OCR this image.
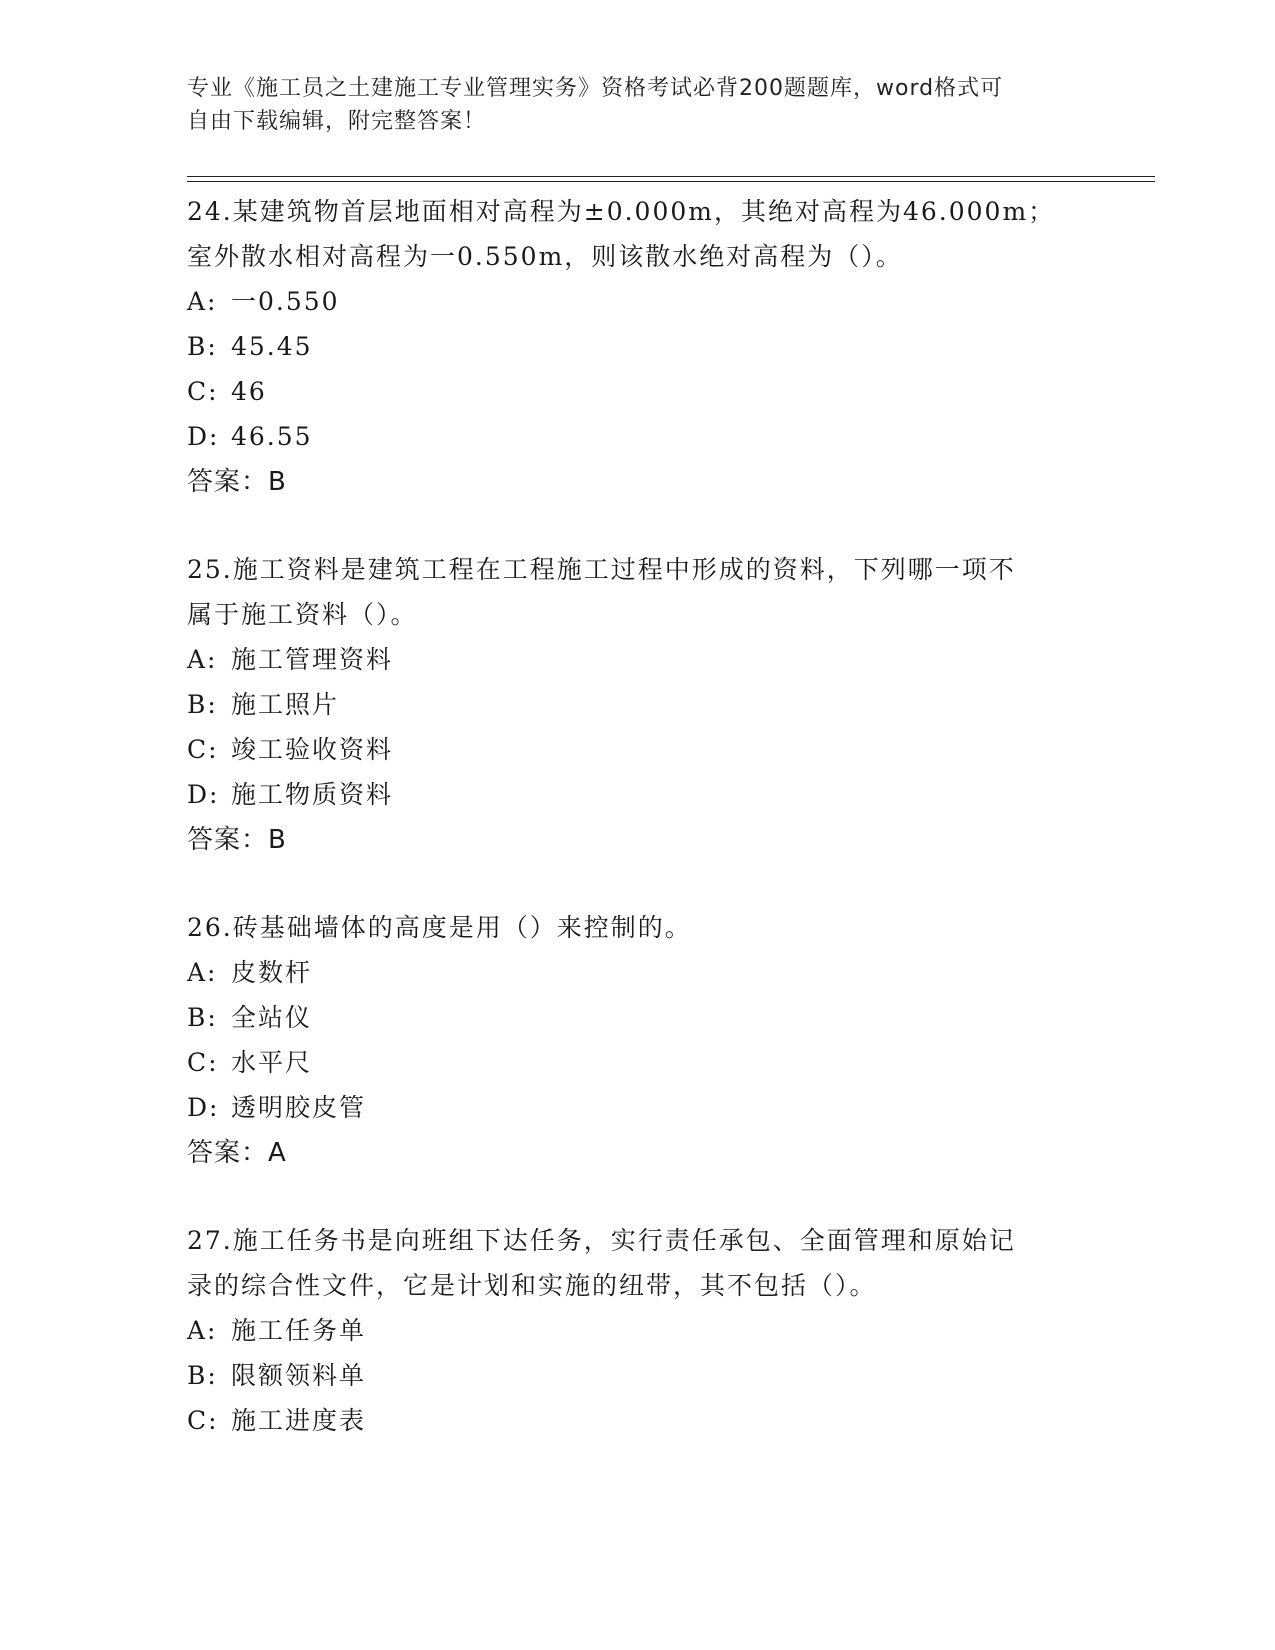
专业《施工员之土建施工专业管理实务》资格考试必背200题题库，word格式可
自由下载编辑，附完整答案！
24.某建筑物首层地面相对高程为±0.000m，其绝对高程为46.000m；
室外散水相对高程为一0.550m，则该散水绝对高程为（）。
A: 一0.550
B: 45.45
C: 46
D: 46.55
答案：B
25.施工资料是建筑工程在工程施工过程中形成的资料，下列哪一项不
属于施工资料（）。
A: 施工管理资料
B: 施工照片
C: 竣工验收资料
D: 施工物质资料
答案：B
26.砖基础墙体的高度是用（）来控制的。
A: 皮数杆
B: 全站仪
C: 水平尺
D: 透明胶皮管
答案：A
27.施工任务书是向班组下达任务，实行责任承包、全面管理和原始记
录的综合性文件，它是计划和实施的纽带，其不包括（）。
A: 施工任务单
B: 限额领料单
C: 施工进度表
